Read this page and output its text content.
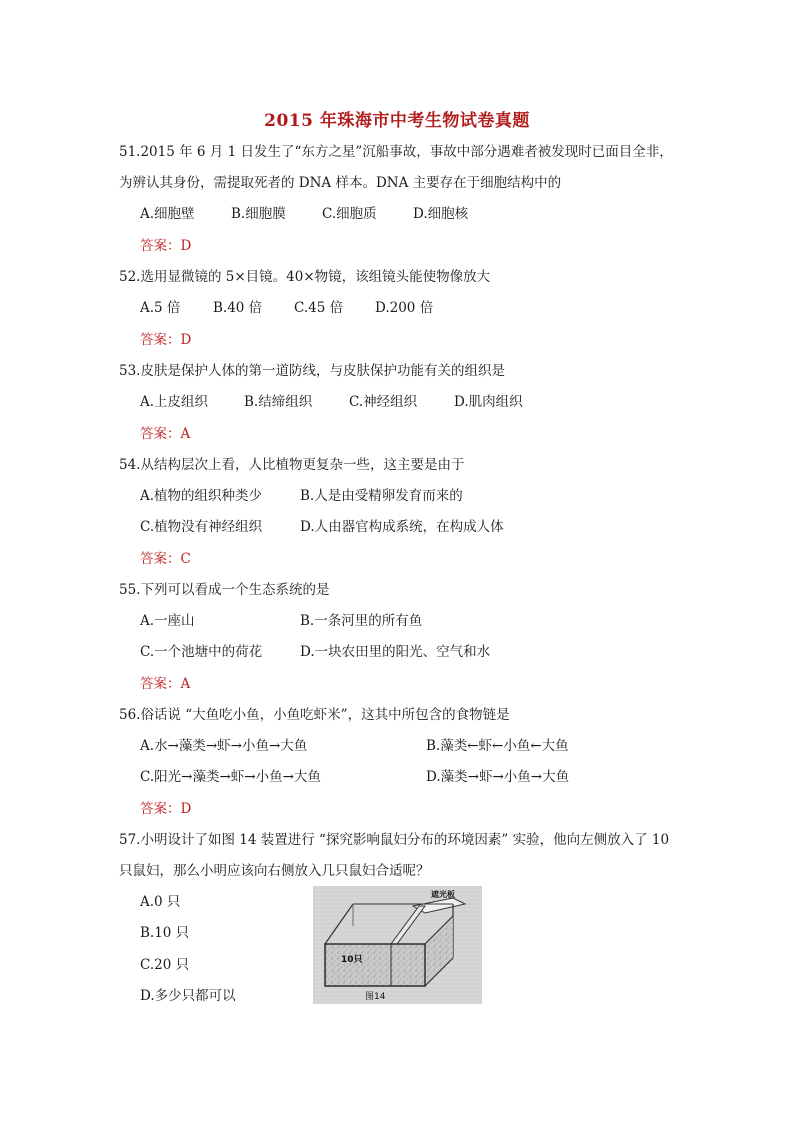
2015 年珠海市中考生物试卷真题
51.2015 年 6 月 1 日发生了“东方之星”沉船事故，事故中部分遇难者被发现时已面目全非，
为辨认其身份，需提取死者的 DNA 样本。DNA 主要存在于细胞结构中的
A.细胞壁	B.细胞膜	C.细胞质	D.细胞核
答案：D
52.选用显微镜的 5×目镜。40×物镜，该组镜头能使物像放大
A.5 倍 B.40 倍 C.45 倍 D.200 倍
答案：D
53.皮肤是保护人体的第一道防线，与皮肤保护功能有关的组织是
A.上皮组织	B.结缔组织	C.神经组织	D.肌肉组织
答案：A
54.从结构层次上看，人比植物更复杂一些，这主要是由于
A.植物的组织种类少	B.人是由受精卵发育而来的
C.植物没有神经组织	D.人由器官构成系统，在构成人体
答案：C
55.下列可以看成一个生态系统的是
A.一座山	B.一条河里的所有鱼
C.一个池塘中的荷花	D.一块农田里的阳光、空气和水
答案：A
56.俗话说 “大鱼吃小鱼，小鱼吃虾米”，这其中所包含的食物链是
A.水→藻类→虾→小鱼→大鱼	B.藻类←虾←小鱼←大鱼
C.阳光→藻类→虾→小鱼→大鱼	D.藻类→虾→小鱼→大鱼
答案：D
57.小明设计了如图 14 装置进行 “探究影响鼠妇分布的环境因素” 实验，他向左侧放入了 10
只鼠妇，那么小明应该向右侧放入几只鼠妇合适呢？
A.0 只
B.10 只
C.20 只
D.多少只都可以
遮光板
10只
图14
